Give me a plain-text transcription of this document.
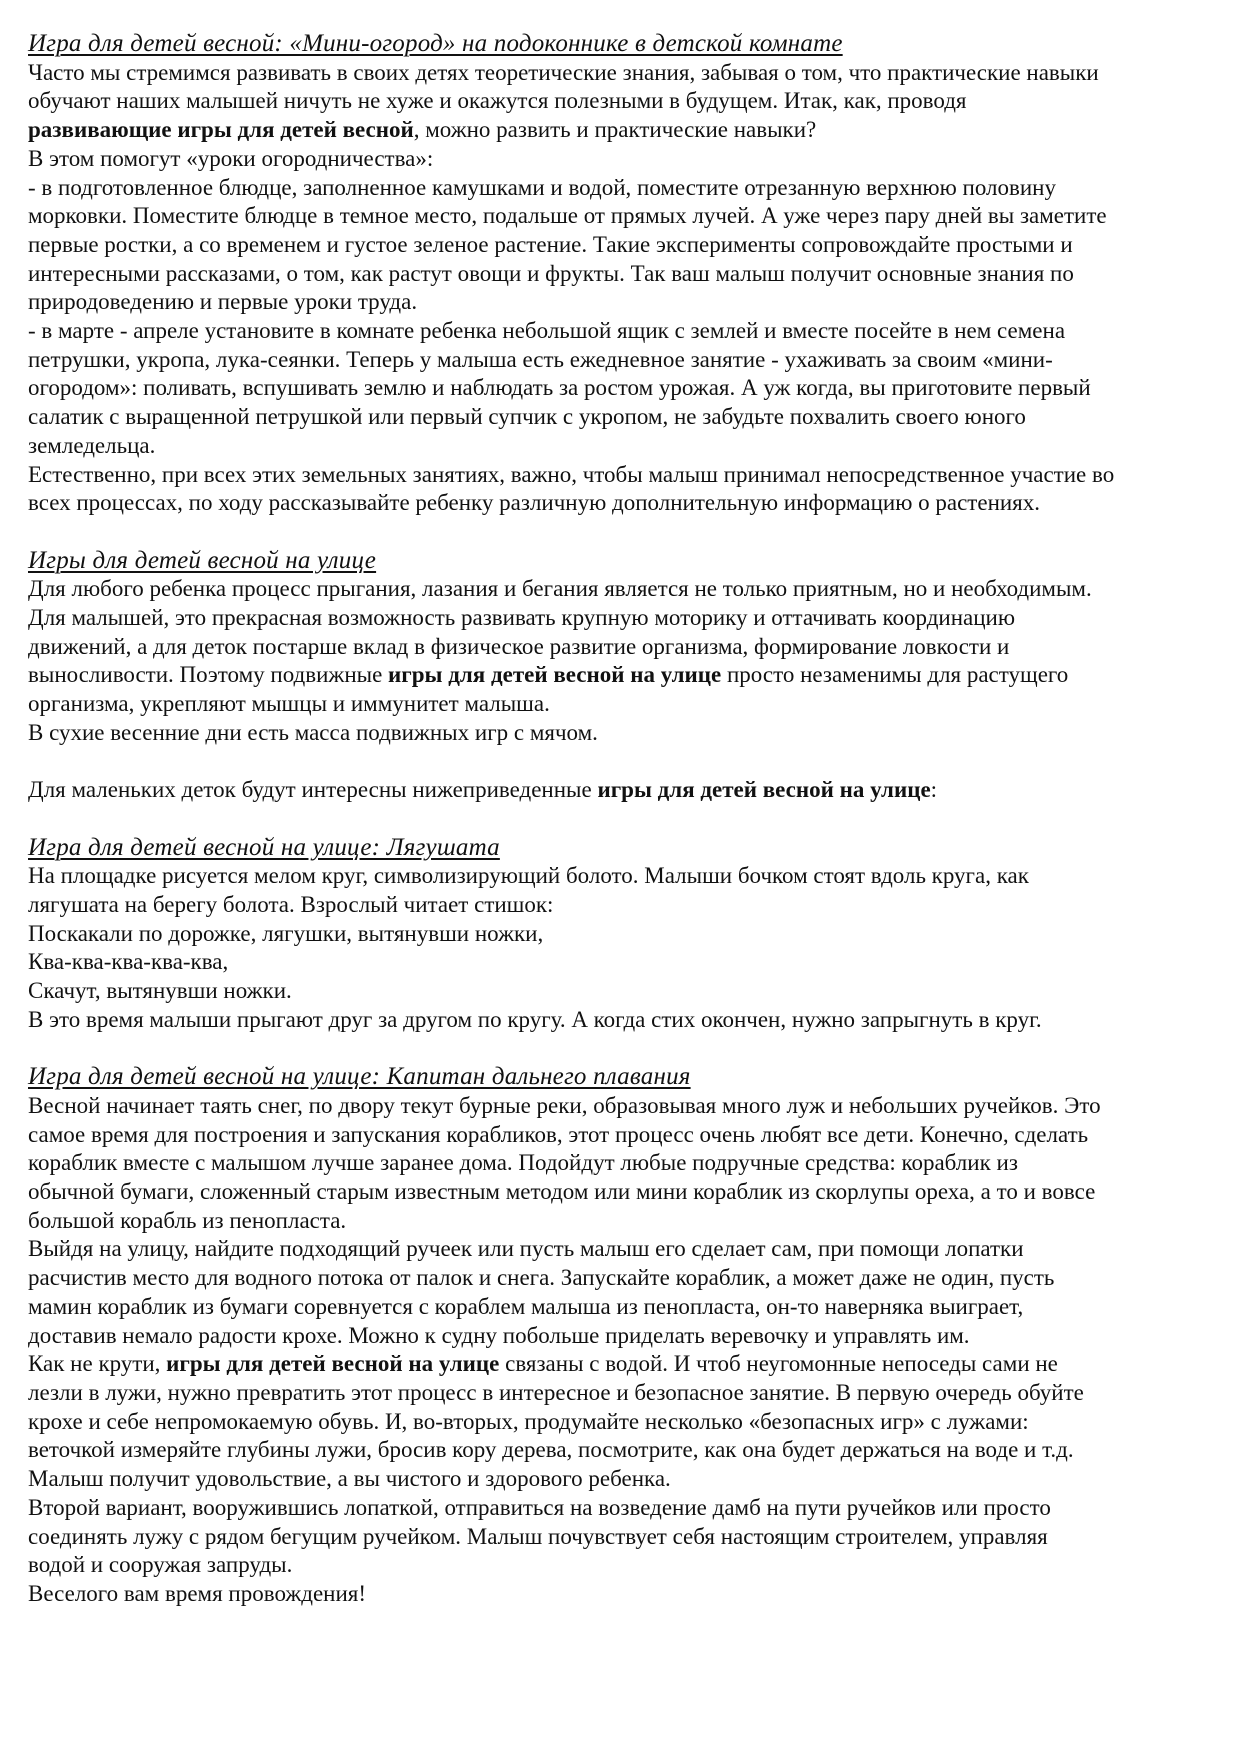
Игра для детей весной: «Мини-огород» на подоконнике в детской комнате
Часто мы стремимся развивать в своих детях теоретические знания, забывая о том, что практические навыки
обучают наших малышей ничуть не хуже и окажутся полезными в будущем. Итак, как, проводя
развивающие игры для детей весной, можно развить и практические навыки?
В этом помогут «уроки огородничества»:
- в подготовленное блюдце, заполненное камушками и водой, поместите отрезанную верхнюю половину
морковки. Поместите блюдце в темное место, подальше от прямых лучей. А уже через пару дней вы заметите
первые ростки, а со временем и густое зеленое растение. Такие эксперименты сопровождайте простыми и
интересными рассказами, о том, как растут овощи и фрукты. Так ваш малыш получит основные знания по
природоведению и первые уроки труда.
- в марте - апреле установите в комнате ребенка небольшой ящик с землей и вместе посейте в нем семена
петрушки, укропа, лука-сеянки. Теперь у малыша есть ежедневное занятие - ухаживать за своим «мини-
огородом»: поливать, вспушивать землю и наблюдать за ростом урожая. А уж когда, вы приготовите первый
салатик с выращенной петрушкой или первый супчик с укропом, не забудьте похвалить своего юного
земледельца.
Естественно, при всех этих земельных занятиях, важно, чтобы малыш принимал непосредственное участие во
всех процессах, по ходу рассказывайте ребенку различную дополнительную информацию о растениях.
Игры для детей весной на улице
Для любого ребенка процесс прыгания, лазания и бегания является не только приятным, но и необходимым.
Для малышей, это прекрасная возможность развивать крупную моторику и оттачивать координацию
движений, а для деток постарше вклад в физическое развитие организма, формирование ловкости и
выносливости. Поэтому подвижные игры для детей весной на улице просто незаменимы для растущего
организма, укрепляют мышцы и иммунитет малыша.
В сухие весенние дни есть масса подвижных игр с мячом.
Для маленьких деток будут интересны нижеприведенные игры для детей весной на улице:
Игра для детей весной на улице: Лягушата
На площадке рисуется мелом круг, символизирующий болото. Малыши бочком стоят вдоль круга, как
лягушата на берегу болота. Взрослый читает стишок:
Поскакали по дорожке, лягушки, вытянувши ножки,
Ква-ква-ква-ква-ква,
Скачут, вытянувши ножки.
В это время малыши прыгают друг за другом по кругу. А когда стих окончен, нужно запрыгнуть в круг.
Игра для детей весной на улице: Капитан дальнего плавания
Весной начинает таять снег, по двору текут бурные реки, образовывая много луж и небольших ручейков. Это
самое время для построения и запускания корабликов, этот процесс очень любят все дети. Конечно, сделать
кораблик вместе с малышом лучше заранее дома. Подойдут любые подручные средства: кораблик из
обычной бумаги, сложенный старым известным методом или мини кораблик из скорлупы ореха, а то и вовсе
большой корабль из пенопласта.
Выйдя на улицу, найдите подходящий ручеек или пусть малыш его сделает сам, при помощи лопатки
расчистив место для водного потока от палок и снега. Запускайте кораблик, а может даже не один, пусть
мамин кораблик из бумаги соревнуется с кораблем малыша из пенопласта, он-то наверняка выиграет,
доставив немало радости крохе. Можно к судну побольше приделать веревочку и управлять им.
Как не крути, игры для детей весной на улице связаны с водой. И чтоб неугомонные непоседы сами не
лезли в лужи, нужно превратить этот процесс в интересное и безопасное занятие. В первую очередь обуйте
крохе и себе непромокаемую обувь. И, во-вторых, продумайте несколько «безопасных игр» с лужами:
веточкой измеряйте глубины лужи, бросив кору дерева, посмотрите, как она будет держаться на воде и т.д.
Малыш получит удовольствие, а вы чистого и здорового ребенка.
Второй вариант, вооружившись лопаткой, отправиться на возведение дамб на пути ручейков или просто
соединять лужу с рядом бегущим ручейком. Малыш почувствует себя настоящим строителем, управляя
водой и сооружая запруды.
Веселого вам время провождения!
